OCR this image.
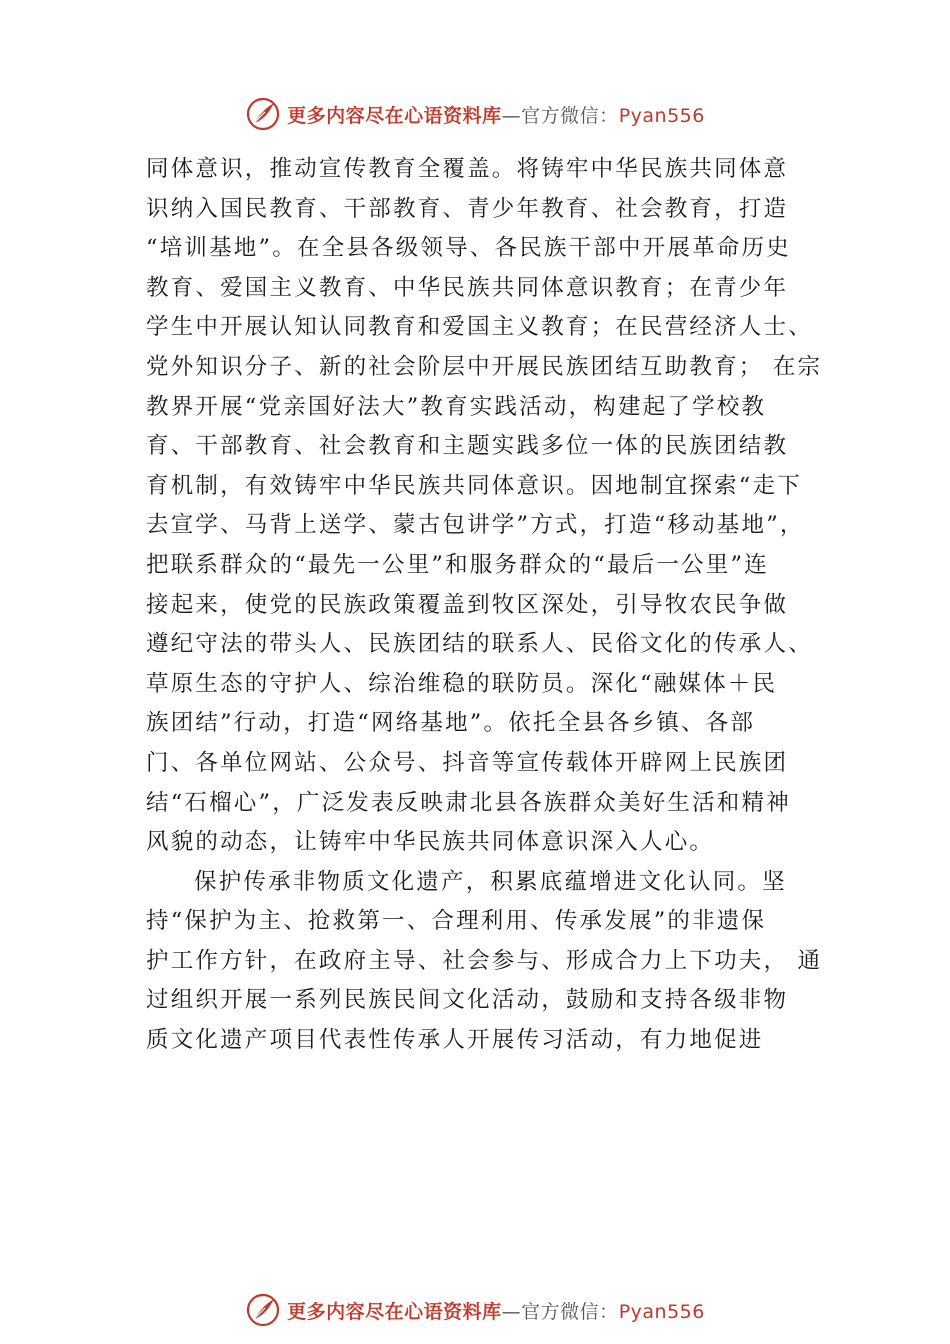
更多内容尽在心语资料库—官方微信：Pyan556
同体意识，推动宣传教育全覆盖。将铸牢中华民族共同体意
识纳入国民教育、干部教育、青少年教育、社会教育，打造
“培训基地”。在全县各级领导、各民族干部中开展革命历史
教育、爱国主义教育、中华民族共同体意识教育；在青少年
学生中开展认知认同教育和爱国主义教育；在民营经济人士、
党外知识分子、新的社会阶层中开展民族团结互助教育； 在宗
教界开展“党亲国好法大”教育实践活动，构建起了学校教
育、干部教育、社会教育和主题实践多位一体的民族团结教
育机制，有效铸牢中华民族共同体意识。因地制宜探索“走下
去宣学、马背上送学、蒙古包讲学”方式，打造“移动基地”，
把联系群众的“最先一公里”和服务群众的“最后一公里”连
接起来，使党的民族政策覆盖到牧区深处，引导牧农民争做
遵纪守法的带头人、民族团结的联系人、民俗文化的传承人、
草原生态的守护人、综治维稳的联防员。深化“融媒体＋民
族团结”行动，打造“网络基地”。依托全县各乡镇、各部
门、各单位网站、公众号、抖音等宣传载体开辟网上民族团
结“石榴心”，广泛发表反映肃北县各族群众美好生活和精神
风貌的动态，让铸牢中华民族共同体意识深入人心。
保护传承非物质文化遗产，积累底蕴增进文化认同。坚
持“保护为主、抢救第一、合理利用、传承发展”的非遗保
护工作方针，在政府主导、社会参与、形成合力上下功夫， 通
过组织开展一系列民族民间文化活动，鼓励和支持各级非物
质文化遗产项目代表性传承人开展传习活动，有力地促进
更多内容尽在心语资料库—官方微信：Pyan556
